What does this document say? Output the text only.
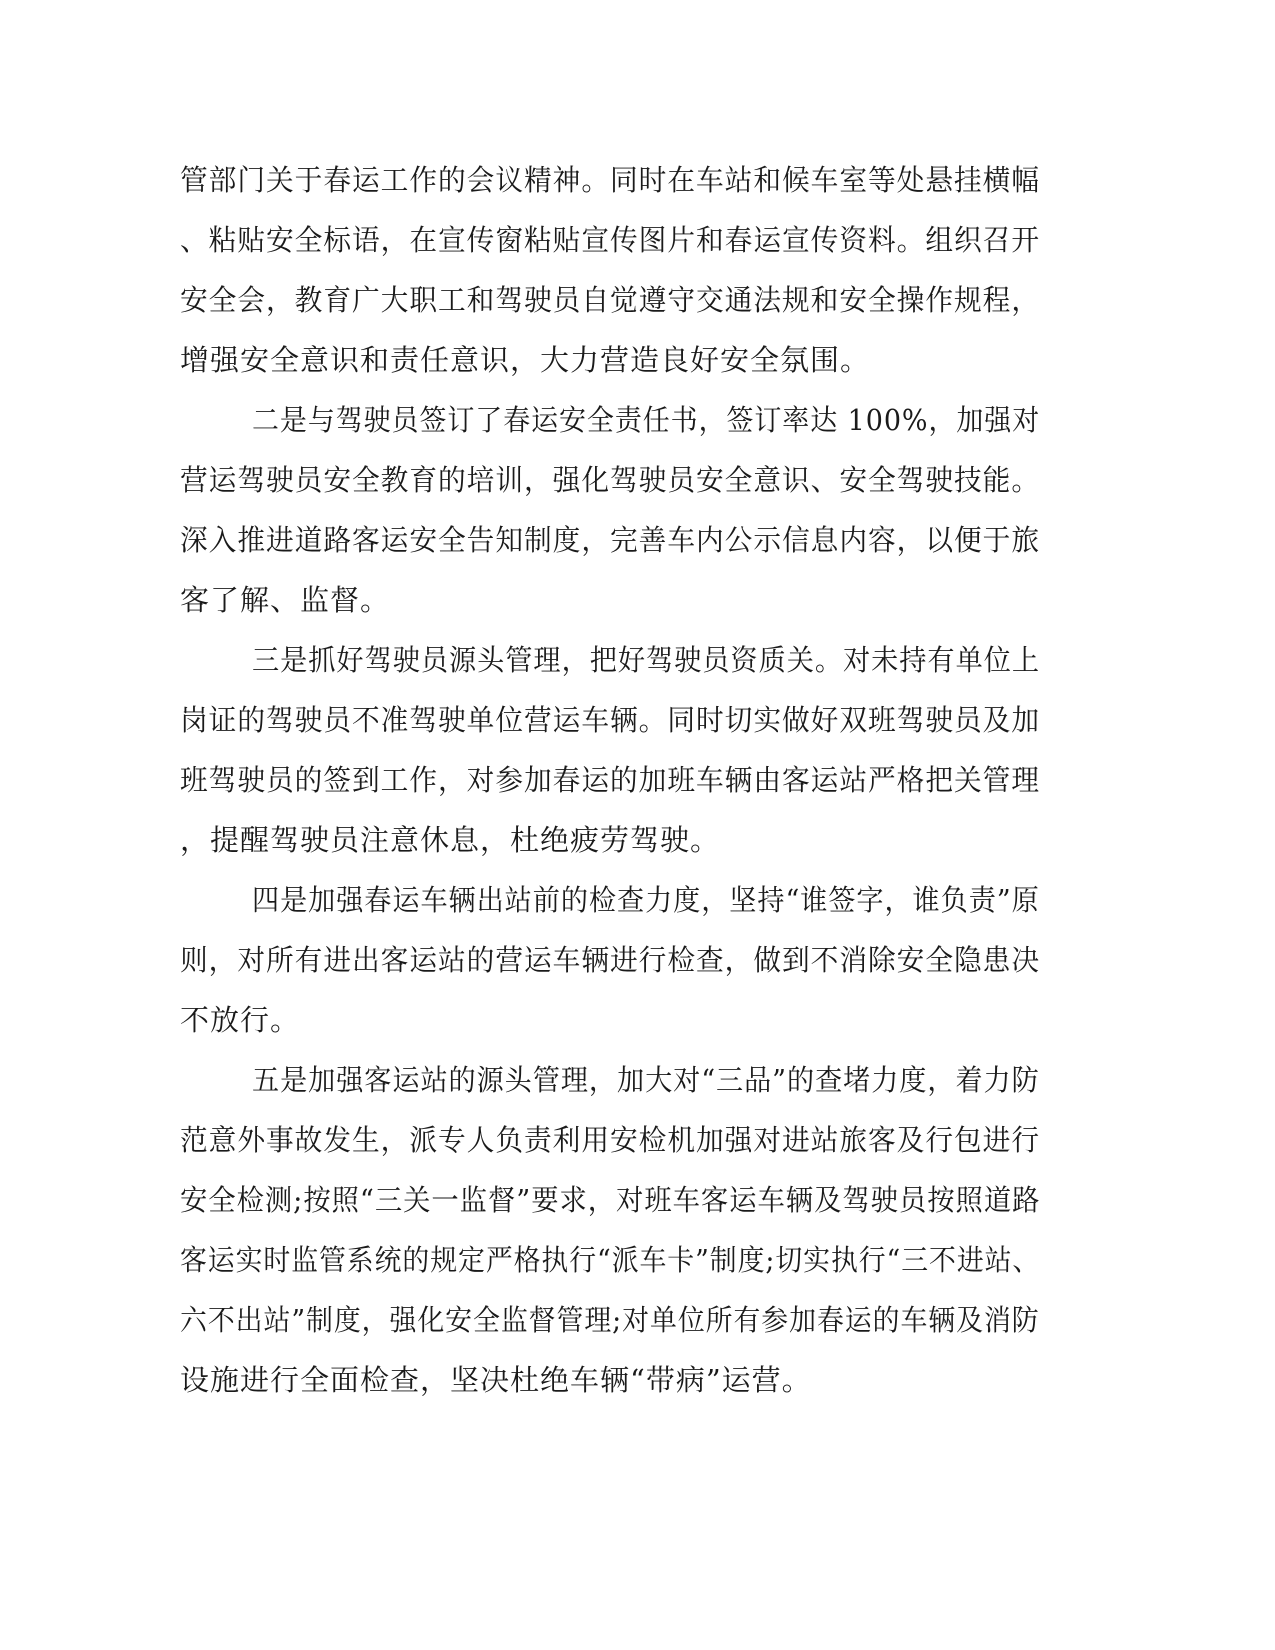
管部门关于春运工作的会议精神。同时在车站和候车室等处悬挂横幅
、粘贴安全标语，在宣传窗粘贴宣传图片和春运宣传资料。组织召开
安全会，教育广大职工和驾驶员自觉遵守交通法规和安全操作规程，
增强安全意识和责任意识，大力营造良好安全氛围。
二是与驾驶员签订了春运安全责任书，签订率达 100%，加强对
营运驾驶员安全教育的培训，强化驾驶员安全意识、安全驾驶技能。
深入推进道路客运安全告知制度，完善车内公示信息内容，以便于旅
客了解、监督。
三是抓好驾驶员源头管理，把好驾驶员资质关。对未持有单位上
岗证的驾驶员不准驾驶单位营运车辆。同时切实做好双班驾驶员及加
班驾驶员的签到工作，对参加春运的加班车辆由客运站严格把关管理
，提醒驾驶员注意休息，杜绝疲劳驾驶。
四是加强春运车辆出站前的检查力度，坚持“谁签字，谁负责”原
则，对所有进出客运站的营运车辆进行检查，做到不消除安全隐患决
不放行。
五是加强客运站的源头管理，加大对“三品”的查堵力度，着力防
范意外事故发生，派专人负责利用安检机加强对进站旅客及行包进行
安全检测;按照“三关一监督”要求，对班车客运车辆及驾驶员按照道路
客运实时监管系统的规定严格执行“派车卡”制度;切实执行“三不进站、
六不出站”制度，强化安全监督管理;对单位所有参加春运的车辆及消防
设施进行全面检查，坚决杜绝车辆“带病”运营。
